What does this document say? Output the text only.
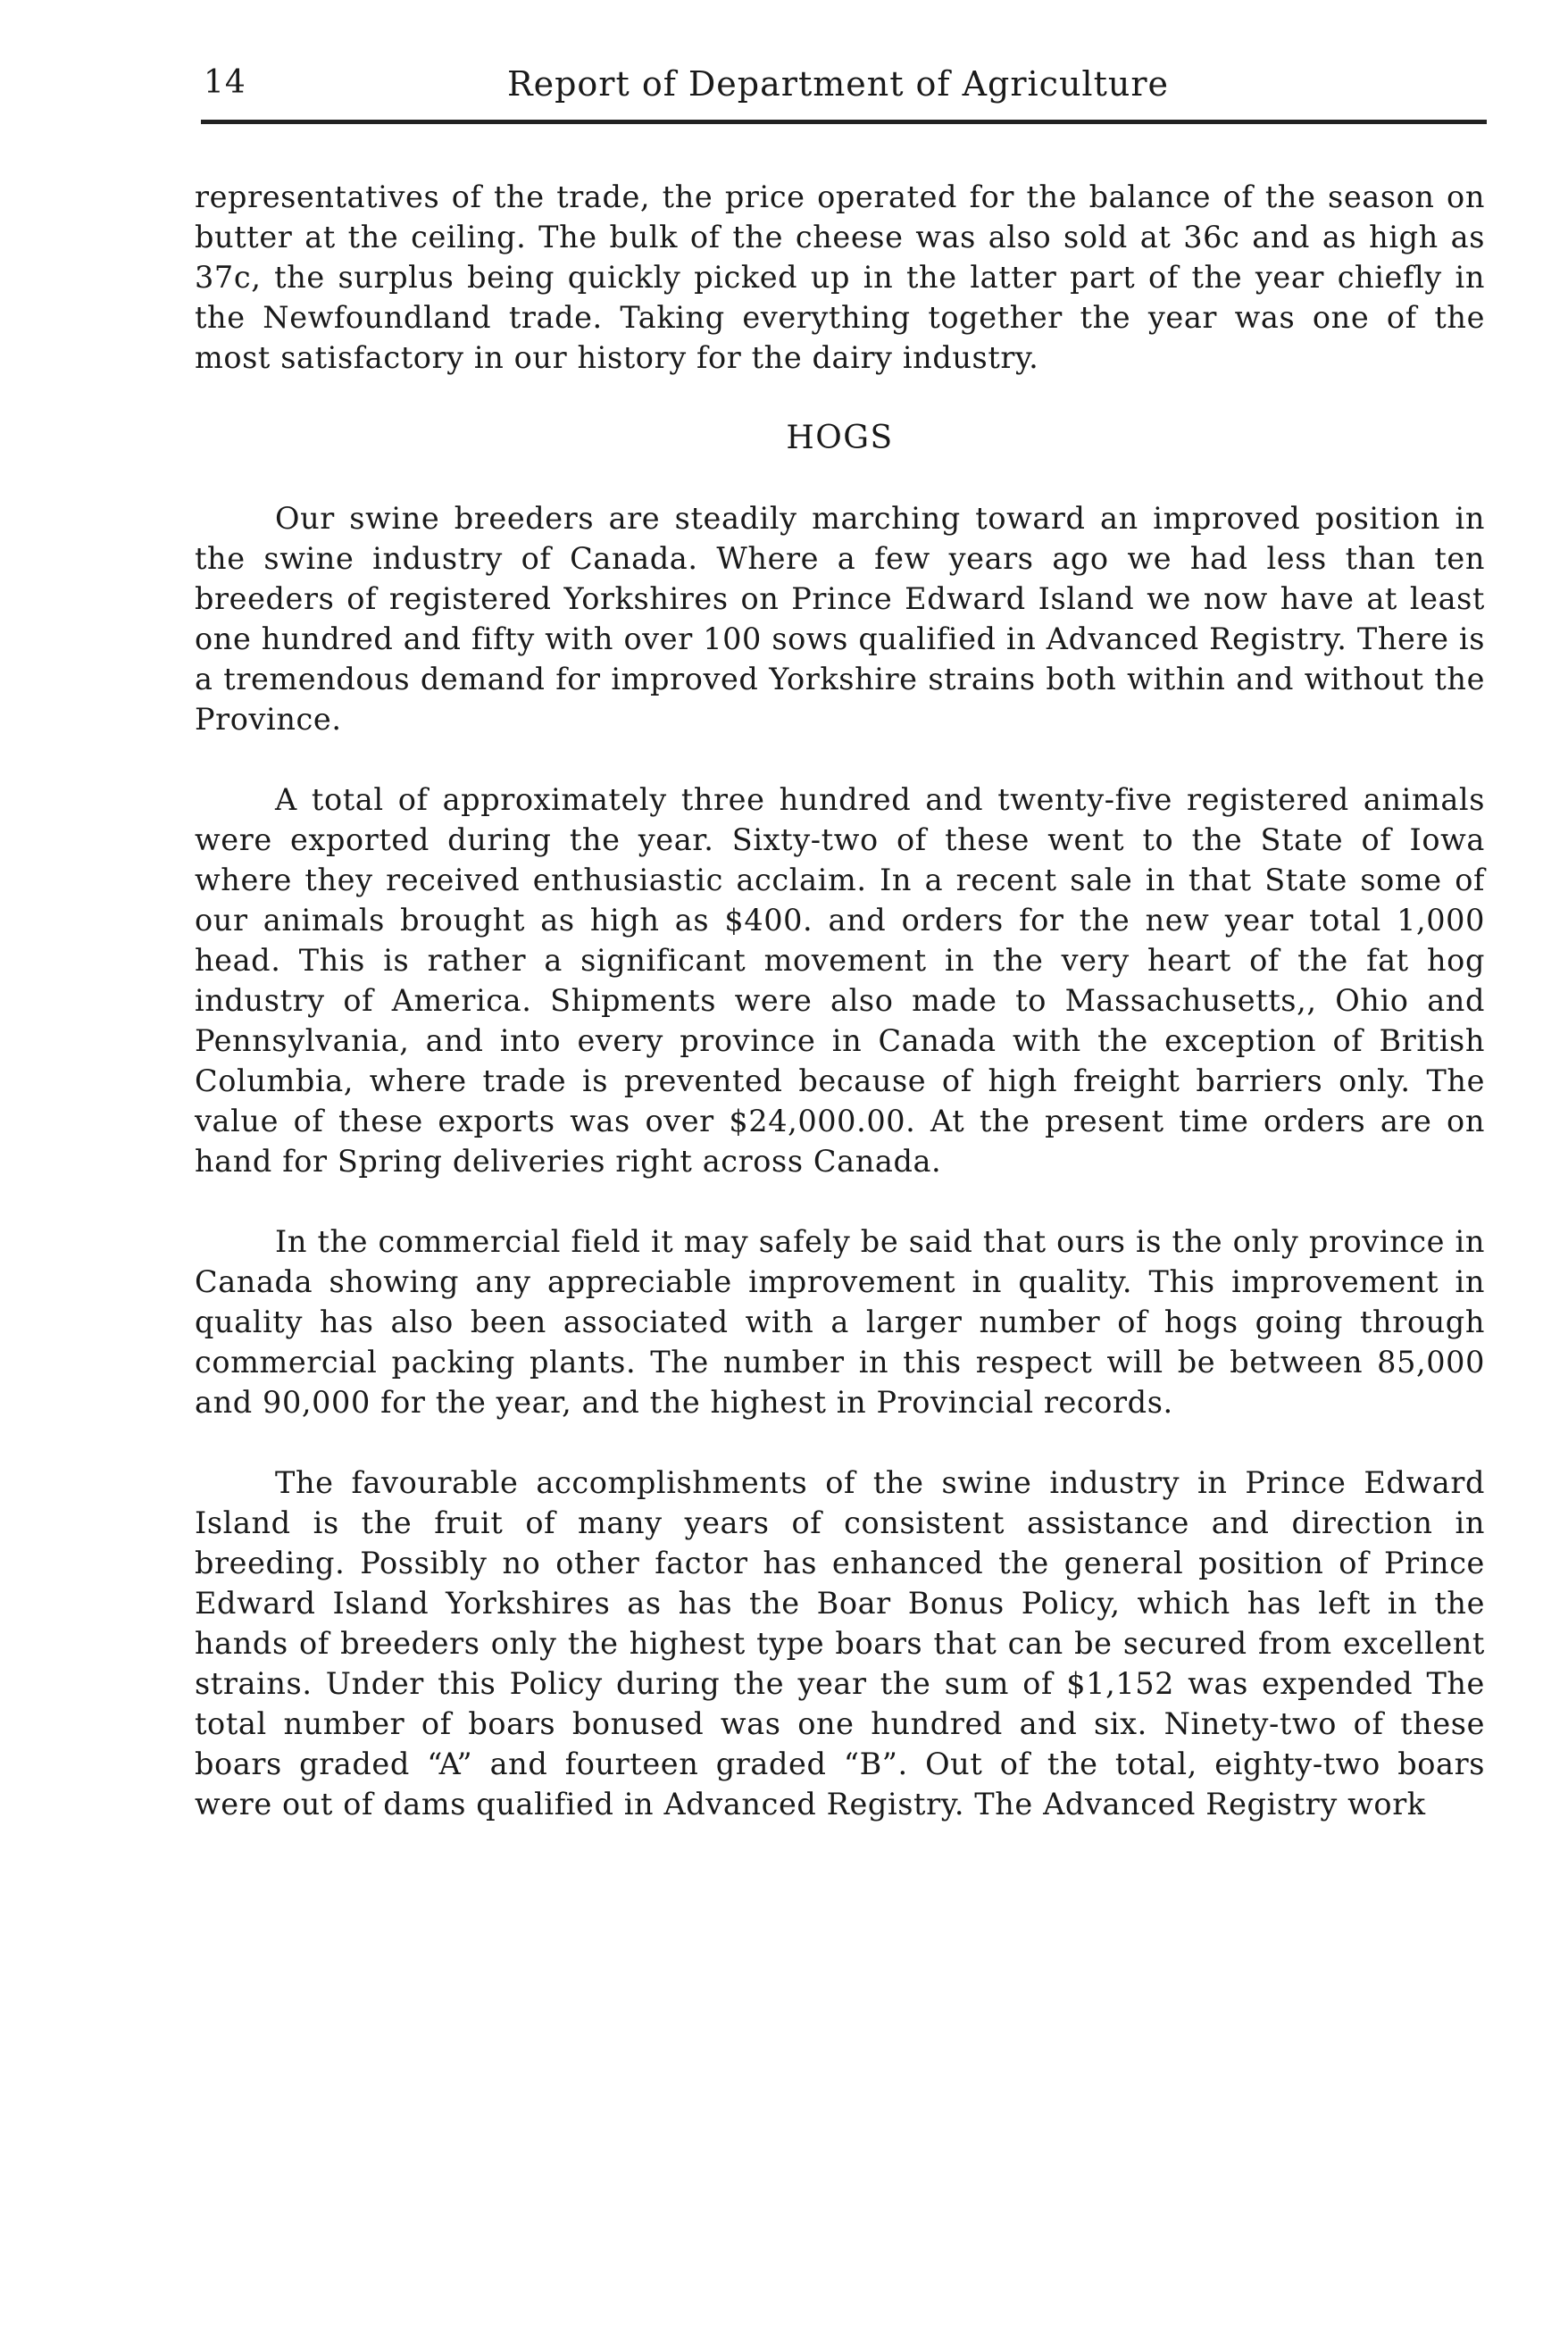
14	Report of Department of Agriculture

representatives of the trade, the price operated for the balance of the season on butter at the ceiling. The bulk of the cheese was also sold at 36c and as high as 37c, the surplus being quickly picked up in the latter part of the year chiefly in the Newfoundland trade. Taking everything together the year was one of the most satisfactory in our history for the dairy industry.

HOGS

Our swine breeders are steadily marching toward an improved position in the swine industry of Canada. Where a few years ago we had less than ten breeders of registered Yorkshires on Prince Edward Island we now have at least one hundred and fifty with over 100 sows qualified in Advanced Registry. There is a tremendous demand for improved Yorkshire strains both within and without the Province.

A total of approximately three hundred and twenty-five registered animals were exported during the year. Sixty-two of these went to the State of Iowa where they received enthusiastic acclaim. In a recent sale in that State some of our animals brought as high as $400. and orders for the new year total 1,000 head. This is rather a significant movement in the very heart of the fat hog industry of America. Shipments were also made to Massachusetts,, Ohio and Pennsylvania, and into every province in Canada with the exception of British Columbia, where trade is prevented because of high freight barriers only. The value of these exports was over $24,000.00. At the present time orders are on hand for Spring deliveries right across Canada.

In the commercial field it may safely be said that ours is the only province in Canada showing any appreciable improvement in quality. This improvement in quality has also been associated with a larger number of hogs going through commercial packing plants. The number in this respect will be between 85,000 and 90,000 for the year, and the highest in Provincial records.

The favourable accomplishments of the swine industry in Prince Edward Island is the fruit of many years of consistent assistance and direction in breeding. Possibly no other factor has enhanced the general position of Prince Edward Island Yorkshires as has the Boar Bonus Policy, which has left in the hands of breeders only the highest type boars that can be secured from excellent strains. Under this Policy during the year the sum of $1,152 was expended The total number of boars bonused was one hundred and six. Ninety-two of these boars graded “A” and fourteen graded “B”. Out of the total, eighty-two boars were out of dams qualified in Advanced Registry. The Advanced Registry work
